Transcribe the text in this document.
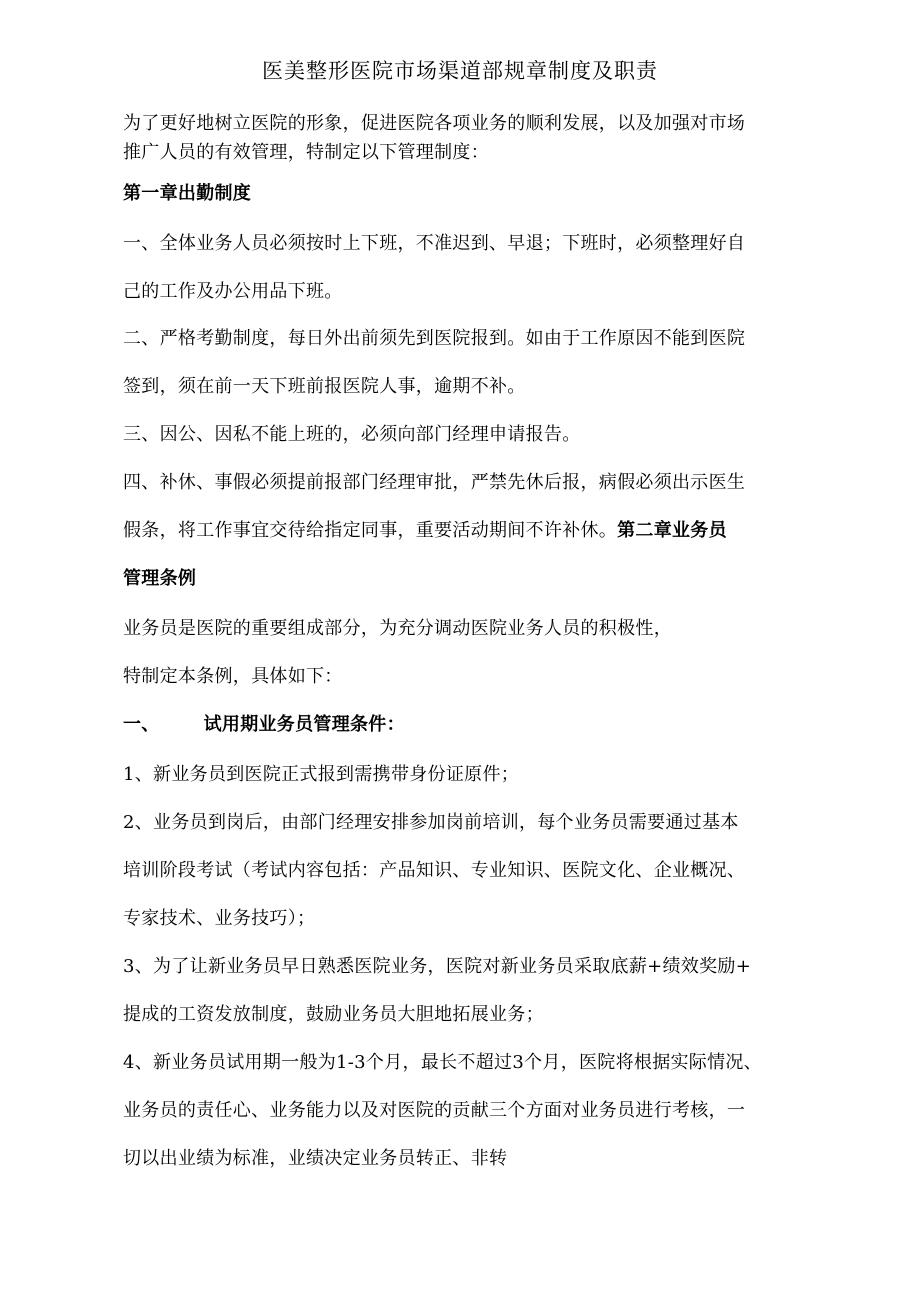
医美整形医院市场渠道部规章制度及职责
为了更好地树立医院的形象，促进医院各项业务的顺利发展，以及加强对市场
推广人员的有效管理，特制定以下管理制度：
第一章出勤制度
一、全体业务人员必须按时上下班，不准迟到、早退；下班时，必须整理好自
己的工作及办公用品下班。
二、严格考勤制度，每日外出前须先到医院报到。如由于工作原因不能到医院
签到，须在前一天下班前报医院人事，逾期不补。
三、因公、因私不能上班的，必须向部门经理申请报告。
四、补休、事假必须提前报部门经理审批，严禁先休后报，病假必须出示医生
假条，将工作事宜交待给指定同事，重要活动期间不许补休。第二章业务员
管理条例
业务员是医院的重要组成部分，为充分调动医院业务人员的积极性，
特制定本条例，具体如下：
一、 试用期业务员管理条件：
1、新业务员到医院正式报到需携带身份证原件；
2、业务员到岗后，由部门经理安排参加岗前培训，每个业务员需要通过基本
培训阶段考试（考试内容包括：产品知识、专业知识、医院文化、企业概况、
专家技术、业务技巧）；
3、为了让新业务员早日熟悉医院业务，医院对新业务员采取底薪+绩效奖励+
提成的工资发放制度，鼓励业务员大胆地拓展业务；
4、新业务员试用期一般为1-3个月，最长不超过3个月，医院将根据实际情况、
业务员的责任心、业务能力以及对医院的贡献三个方面对业务员进行考核，一
切以出业绩为标准，业绩决定业务员转正、非转
